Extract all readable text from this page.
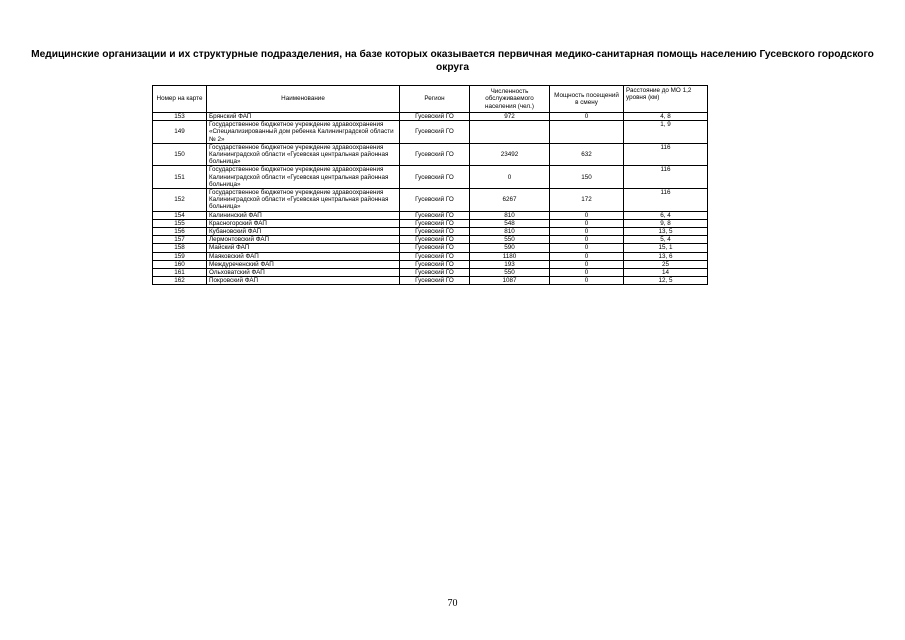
Медицинские организации и их структурные подразделения, на базе которых оказывается первичная медико-санитарная помощь населению Гусевского городского округа
Номер на карте	Наименование	Регион	Численность обслуживаемого населения (чел.)	Мощность посещений в смену	Расстояние до МО 1,2 уровня (км)
153	Брянский ФАП	Гусевский ГО	972	0	4, 8
149	Государственное бюджетное учреждение здравоохранения «Специализированный дом ребенка Калининградской области № 2»	Гусевский ГО			1, 9
150	Государственное бюджетное учреждение здравоохранения Калининградской области «Гусевская центральная районная больница»	Гусевский ГО	23492	632	116
151	Государственное бюджетное учреждение здравоохранения Калининградской области «Гусевская центральная районная больница»	Гусевский ГО	0	150	116
152	Государственное бюджетное учреждение здравоохранения Калининградской области «Гусевская центральная районная больница»	Гусевский ГО	6267	172	116
154	Калининский ФАП	Гусевский ГО	810	0	6, 4
155	Красногорский ФАП	Гусевский ГО	548	0	9, 8
156	Кубановский ФАП	Гусевский ГО	810	0	13, 5
157	Лермонтовский ФАП	Гусевский ГО	550	0	5, 4
158	Майский ФАП	Гусевский ГО	590	0	15, 1
159	Маяковский ФАП	Гусевский ГО	1180	0	13, 6
160	Междуреченский ФАП	Гусевский ГО	193	0	25
161	Ольховатский ФАП	Гусевский ГО	550	0	14
162	Покровский ФАП	Гусевский ГО	1087	0	12, 5
70
